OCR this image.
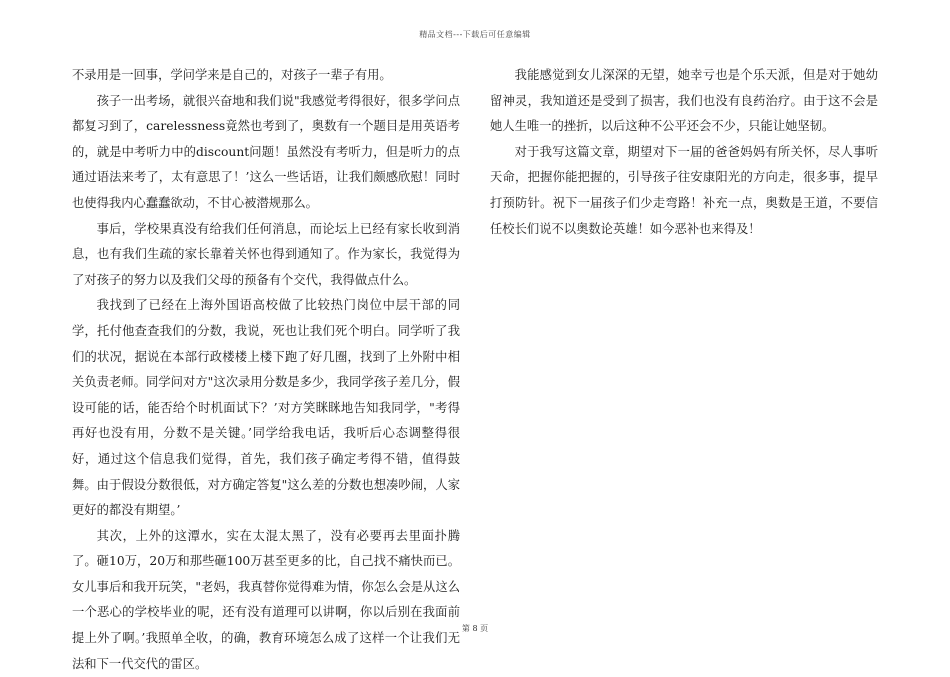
精品文档---下载后可任意编辑

不录用是一回事，学问学来是自己的，对孩子一辈子有用。

孩子一出考场，就很兴奋地和我们说"我感觉考得很好，很多学问点都复习到了，carelessness竟然也考到了，奥数有一个题目是用英语考的，就是中考听力中的discount问题！虽然没有考听力，但是听力的点通过语法来考了，太有意思了！’这么一些话语，让我们颇感欣慰！同时也使得我内心蠢蠢欲动，不甘心被潜规那么。

事后，学校果真没有给我们任何消息，而论坛上已经有家长收到消息，也有我们生疏的家长靠着关怀也得到通知了。作为家长，我觉得为了对孩子的努力以及我们父母的预备有个交代，我得做点什么。

我找到了已经在上海外国语高校做了比较热门岗位中层干部的同学，托付他查查我们的分数，我说，死也让我们死个明白。同学听了我们的状况，据说在本部行政楼楼上楼下跑了好几圈，找到了上外附中相关负责老师。同学问对方"这次录用分数是多少，我同学孩子差几分，假设可能的话，能否给个时机面试下？’对方笑眯眯地告知我同学，"考得再好也没有用，分数不是关键。’同学给我电话，我听后心态调整得很好，通过这个信息我们觉得，首先，我们孩子确定考得不错，值得鼓舞。由于假设分数很低，对方确定答复"这么差的分数也想凑吵闹，人家更好的都没有期望。’

其次，上外的这潭水，实在太混太黑了，没有必要再去里面扑腾了。砸10万，20万和那些砸100万甚至更多的比，自己找不痛快而已。女儿事后和我开玩笑，"老妈，我真替你觉得难为情，你怎么会是从这么一个恶心的学校毕业的呢，还有没有道理可以讲啊，你以后别在我面前提上外了啊。’我照单全收，的确，教育环境怎么成了这样一个让我们无法和下一代交代的雷区。

我能感觉到女儿深深的无望，她幸亏也是个乐天派，但是对于她幼留神灵，我知道还是受到了损害，我们也没有良药治疗。由于这不会是她人生唯一的挫折，以后这种不公平还会不少，只能让她坚韧。

对于我写这篇文章，期望对下一届的爸爸妈妈有所关怀，尽人事听天命，把握你能把握的，引导孩子往安康阳光的方向走，很多事，提早打预防针。祝下一届孩子们少走弯路！补充一点，奥数是王道，不要信任校长们说不以奥数论英雄！如今恶补也来得及！

第 8 页
